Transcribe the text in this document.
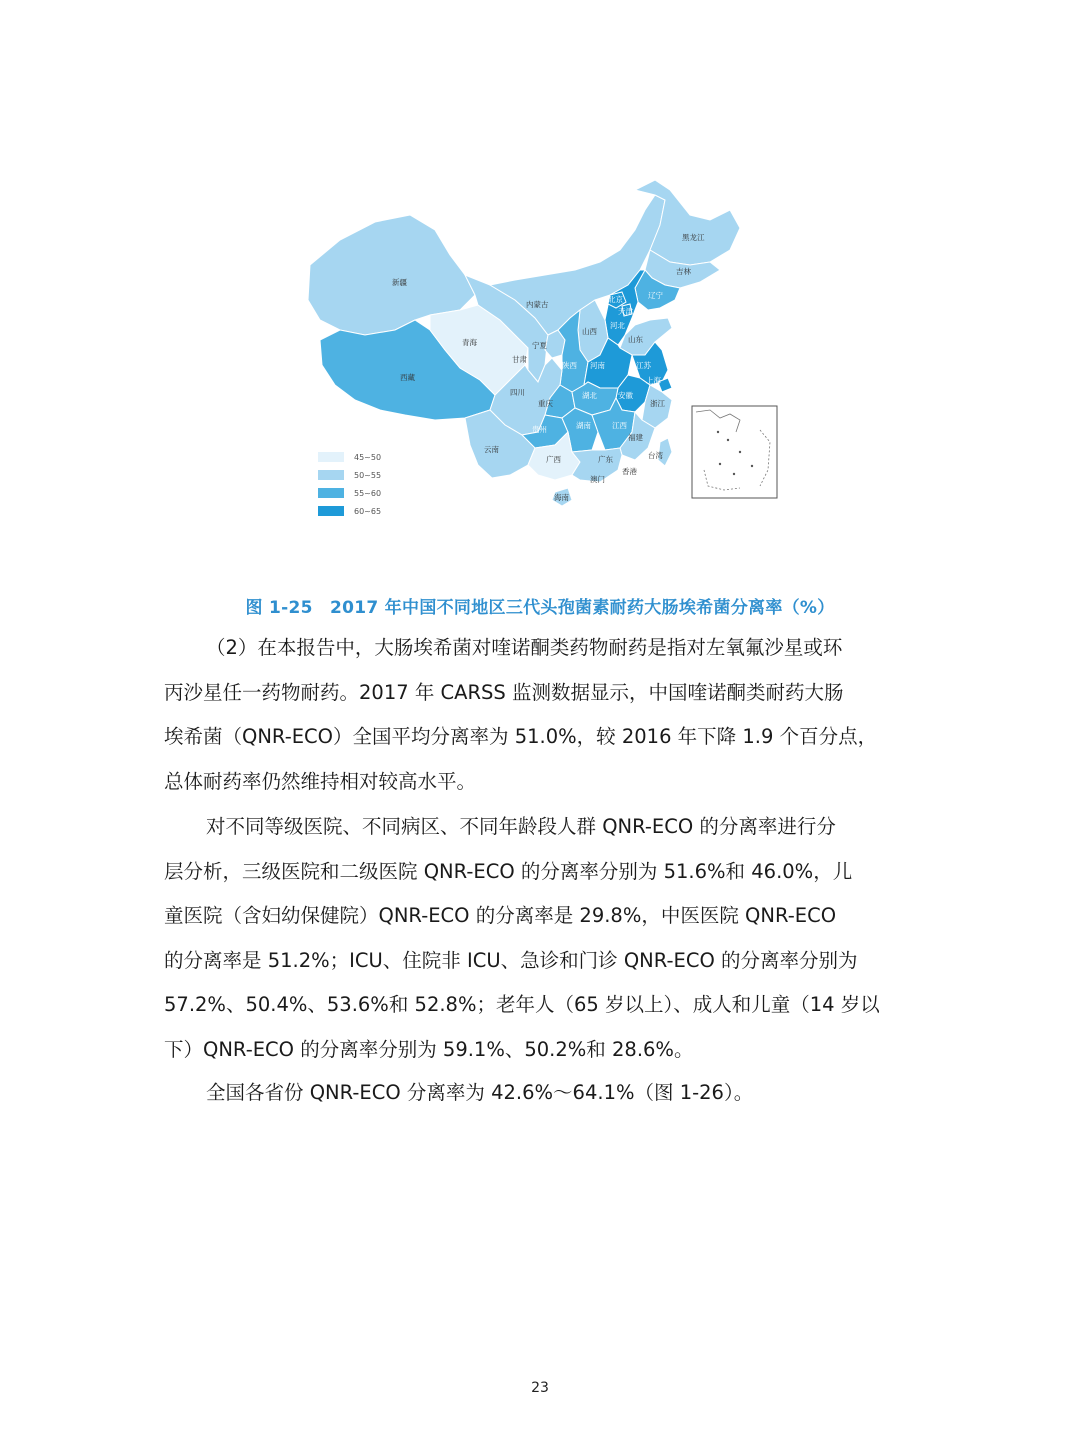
新疆
西藏
青海
内蒙古
黑龙江
吉林
辽宁
北京
天津
河北
山西
山东
宁夏
甘肃
陕西 河南	江苏
上海
安徽
四川
重庆
湖北
浙江
贵州	湖南	江西
福建
云南
广西	广东	台湾
香港
澳门
海南
45~50
50~55
55~60
60~65
图 1-25　2017 年中国不同地区三代头孢菌素耐药大肠埃希菌分离率（%）
（2）在本报告中，大肠埃希菌对喹诺酮类药物耐药是指对左氧氟沙星或环
丙沙星任一药物耐药。2017 年 CARSS 监测数据显示，中国喹诺酮类耐药大肠
埃希菌（QNR-ECO）全国平均分离率为 51.0%，较 2016 年下降 1.9 个百分点，
总体耐药率仍然维持相对较高水平。
对不同等级医院、不同病区、不同年龄段人群 QNR-ECO 的分离率进行分
层分析，三级医院和二级医院 QNR-ECO 的分离率分别为 51.6%和 46.0%，儿
童医院（含妇幼保健院）QNR-ECO 的分离率是 29.8%，中医医院 QNR-ECO
的分离率是 51.2%；ICU、住院非 ICU、急诊和门诊 QNR-ECO 的分离率分别为
57.2%、50.4%、53.6%和 52.8%；老年人（65 岁以上）、成人和儿童（14 岁以
下）QNR-ECO 的分离率分别为 59.1%、50.2%和 28.6%。
全国各省份 QNR-ECO 分离率为 42.6%～64.1%（图 1-26）。
23
